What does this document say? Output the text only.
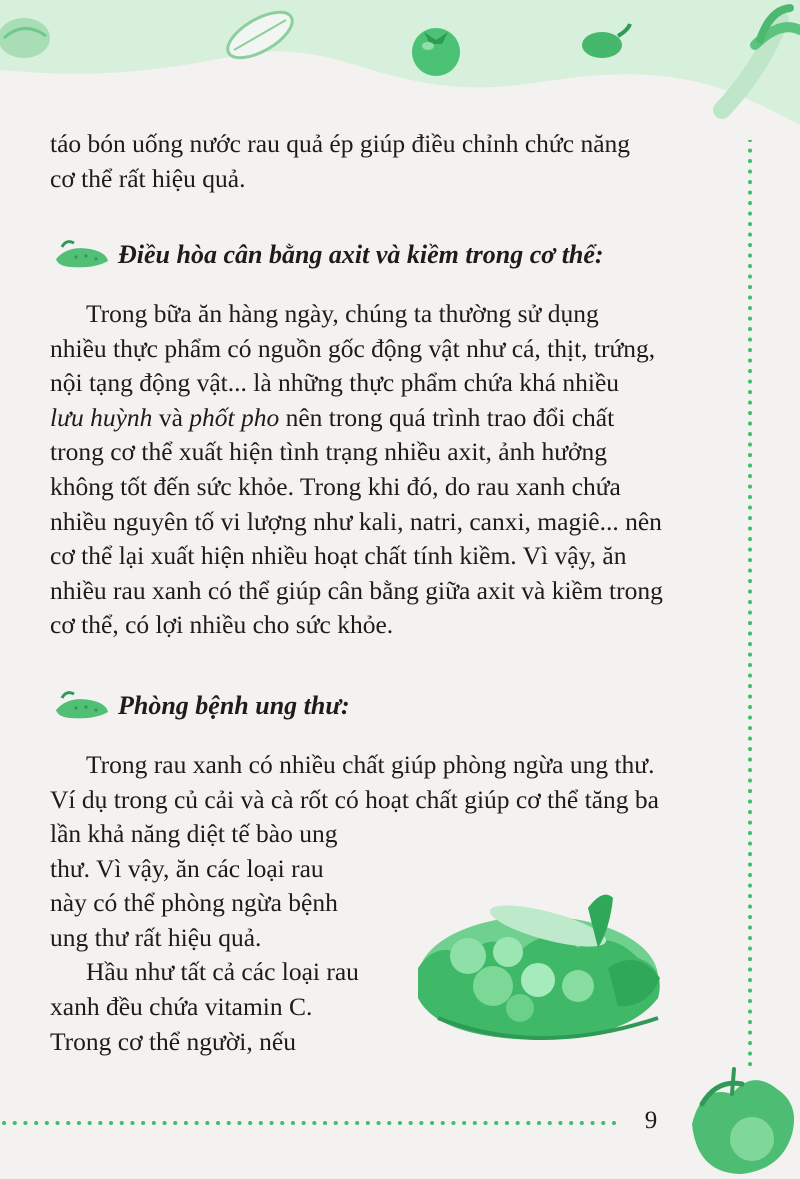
táo bón uống nước rau quả ép giúp điều chỉnh chức năng

cơ thể rất hiệu quả.

Điều hòa cân bằng axit và kiềm trong cơ thể:

Trong bữa ăn hàng ngày, chúng ta thường sử dụng

nhiều thực phẩm có nguồn gốc động vật như cá, thịt, trứng,

nội tạng động vật... là những thực phẩm chứa khá nhiều

lưu huỳnh và phốt pho nên trong quá trình trao đổi chất

trong cơ thể xuất hiện tình trạng nhiều axit, ảnh hưởng

không tốt đến sức khỏe. Trong khi đó, do rau xanh chứa

nhiều nguyên tố vi lượng như kali, natri, canxi, magiê... nên

cơ thể lại xuất hiện nhiều hoạt chất tính kiềm. Vì vậy, ăn

nhiều rau xanh có thể giúp cân bằng giữa axit và kiềm trong

cơ thể, có lợi nhiều cho sức khỏe.

Phòng bệnh ung thư:

Trong rau xanh có nhiều chất giúp phòng ngừa ung thư.

Ví dụ trong củ cải và cà rốt có hoạt chất giúp cơ thể tăng ba

lần khả năng diệt tế bào ung

thư. Vì vậy, ăn các loại rau

này có thể phòng ngừa bệnh

ung thư rất hiệu quả.

Hầu như tất cả các loại rau

xanh đều chứa vitamin C.

Trong cơ thể người, nếu

9
